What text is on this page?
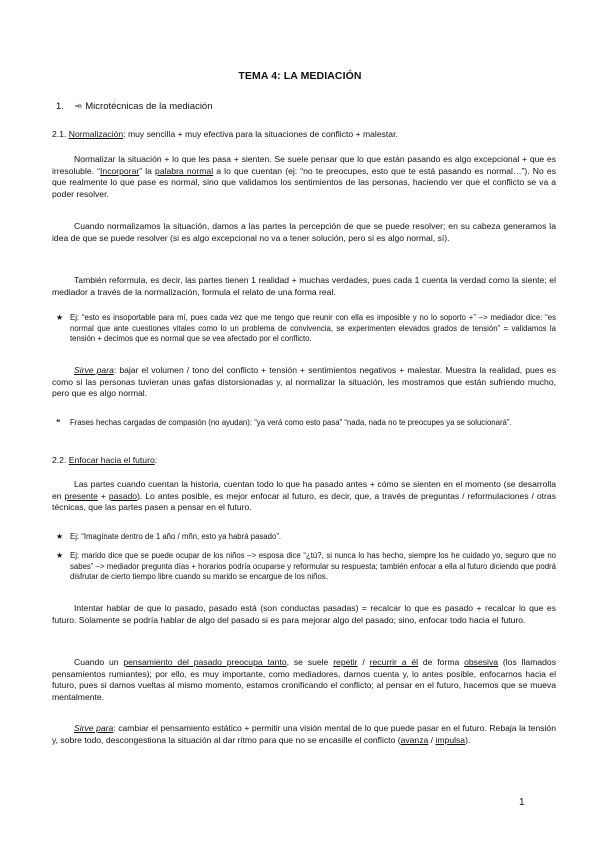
TEMA 4: LA MEDIACIÓN
1. ➾ Microtécnicas de la mediación

2.1. Normalización: muy sencilla + muy efectiva para la situaciones de conflicto + malestar.

Normalizar la situación + lo que les pasa + sienten. Se suele pensar que lo que están pasando es algo excepcional + que es irresoluble. “Incorporar” la palabra normal a lo que cuentan (ej: “no te preocupes, esto que te está pasando es normal…”). No es que realmente lo que pase es normal, sino que validamos los sentimientos de las personas, haciendo ver que el conflicto se va a poder resolver.

Cuando normalizamos la situación, damos a las partes la percepción de que se puede resolver; en su cabeza generamos la idea de que se puede resolver (si es algo excepcional no va a tener solución, pero si es algo normal, sí).

También reformula, es decir, las partes tienen 1 realidad + muchas verdades, pues cada 1 cuenta la verdad como la siente; el mediador a través de la normalización, formula el relato de una forma real.

★ Ej: “esto es insoportable para mí, pues cada vez que me tengo que reunir con ella es imposible y no lo soporto +” –> mediador dice: “es normal que ante cuestiones vitales como lo un problema de convivencia, se experimenten elevados grados de tensión” = validamos la tensión + decimos que es normal que se vea afectado por el conflicto.

Sirve para: bajar el volumen / tono del conflicto + tensión + sentimientos negativos + malestar. Muestra la realidad, pues es como si las personas tuvieran unas gafas distorsionadas y, al normalizar la situación, les mostramos que están sufriendo mucho, pero que es algo normal.

❝ Frases hechas cargadas de compasión (no ayudan): “ya verá como esto pasa” “nada, nada no te preocupes ya se solucionará”.

2.2. Enfocar hacia el futuro:

Las partes cuando cuentan la historia, cuentan todo lo que ha pasado antes + cómo se sienten en el momento (se desarrolla en presente + pasado). Lo antes posible, es mejor enfocar al futuro, es decir, que, a través de preguntas / reformulaciones / otras técnicas, que las partes pasen a pensar en el futuro.

★ Ej: “Imagínate dentro de 1 año / mñn, esto ya habrá pasado”.
★ Ej: marido dice que se puede ocupar de los niños –> esposa dice “¿tú?, si nunca lo has hecho, siempre los he cuidado yo, seguro que no sabes” –> mediador pregunta días + horarios podría ocuparse y reformular su respuesta; también enfocar a ella al futuro diciendo que podrá disfrutar de cierto tiempo libre cuando su marido se encargue de los niños.

Intentar hablar de que lo pasado, pasado está (son conductas pasadas) = recalcar lo que es pasado + recalcar lo que es futuro. Solamente se podría hablar de algo del pasado si es para mejorar algo del pasado; sino, enfocar todo hacia el futuro.

Cuando un pensamiento del pasado preocupa tanto, se suele repetir / recurrir a él de forma obsesiva (los llamados pensamientos rumiantes); por ello, es muy importante, como mediadores, darnos cuenta y, lo antes posible, enfocarnos hacia el futuro, pues si damos vueltas al mismo momento, estamos cronificando el conflicto; al pensar en el futuro, hacemos que se mueva mentalmente.

Sirve para: cambiar el pensamiento estático + permitir una visión mental de lo que puede pasar en el futuro. Rebaja la tensión y, sobre todo, descongestiona la situación al dar ritmo para que no se encasille el conflicto (avanza / impulsa).

1
